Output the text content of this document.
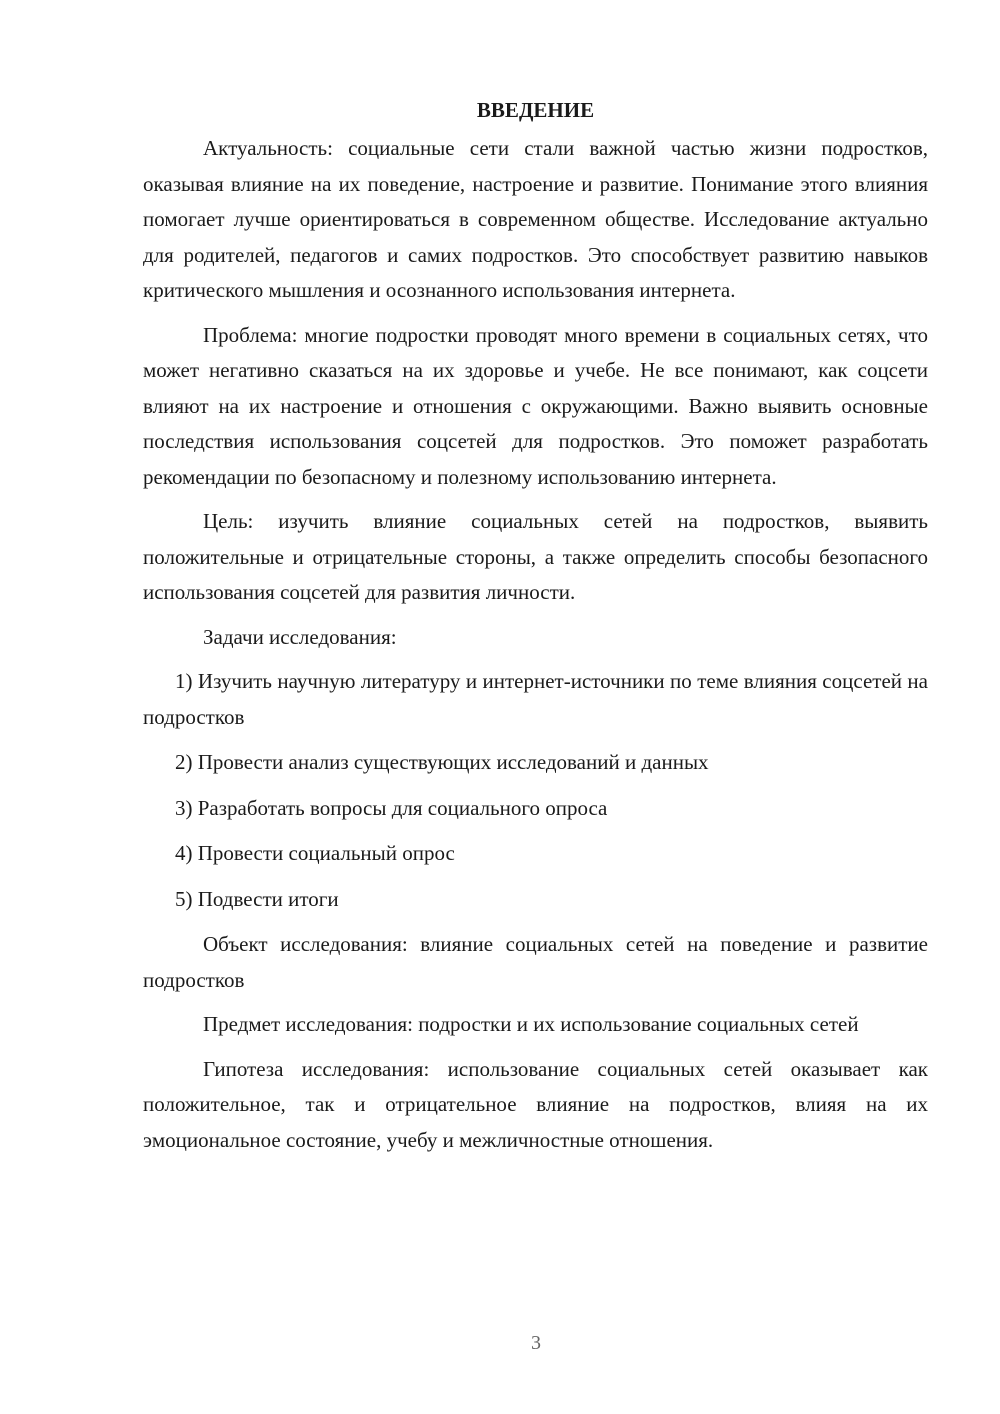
ВВЕДЕНИЕ

Актуальность: социальные сети стали важной частью жизни подростков, оказывая влияние на их поведение, настроение и развитие. Понимание этого влияния помогает лучше ориентироваться в современном обществе. Исследование актуально для родителей, педагогов и самих подростков. Это способствует развитию навыков критического мышления и осознанного использования интернета.

Проблема: многие подростки проводят много времени в социальных сетях, что может негативно сказаться на их здоровье и учебе. Не все понимают, как соцсети влияют на их настроение и отношения с окружающими. Важно выявить основные последствия использования соцсетей для подростков. Это поможет разработать рекомендации по безопасному и полезному использованию интернета.

Цель: изучить влияние социальных сетей на подростков, выявить положительные и отрицательные стороны, а также определить способы безопасного использования соцсетей для развития личности.

Задачи исследования:

1) Изучить научную литературу и интернет-источники по теме влияния соцсетей на подростков

2) Провести анализ существующих исследований и данных

3) Разработать вопросы для социального опроса

4) Провести социальный опрос

5) Подвести итоги

Объект исследования: влияние социальных сетей на поведение и развитие подростков

Предмет исследования: подростки и их использование социальных сетей

Гипотеза исследования: использование социальных сетей оказывает как положительное, так и отрицательное влияние на подростков, влияя на их эмоциональное состояние, учебу и межличностные отношения.

3
